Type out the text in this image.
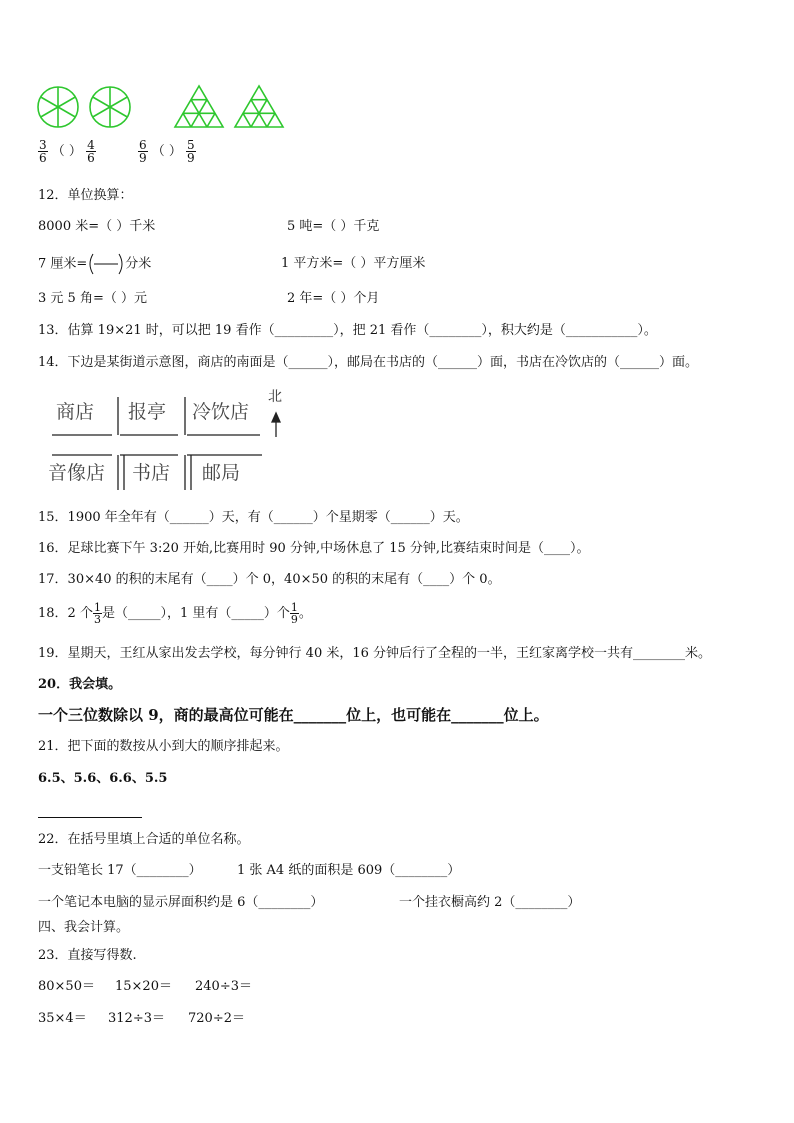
$\frac{3}{6}$ （ ） $\frac{4}{6}$
	$\frac{6}{9}$ （ ） $\frac{5}{9}$
12．单位换算：
8000 米=（ ）千米	5 吨=（ ）千克
7 厘米=	分米	1 平方米=（ ）平方厘米
3 元 5 角=（ ）元	2 年=（ ）个月
13．估算 19×21 时，可以把 19 看作（_________），把 21 看作（________），积大约是（___________）。
14．下边是某街道示意图，商店的南面是（______），邮局在书店的（______）面，书店在冷饮店的（______）面。
商店 报亭 冷饮店
北
音像店 书店 邮局
15．1900 年全年有（______）天，有（______）个星期零（______）天。
16．足球比赛下午 3:20 开始,比赛用时 90 分钟,中场休息了 15 分钟,比赛结束时间是（____）。
17．30×40 的积的末尾有（____）个 0，40×50 的积的末尾有（____）个 0。
18．2 个 $\frac{1}{3}$ 是（_____），1 里有（_____）个 $\frac{1}{9}$ 。
19．星期天，王红从家出发去学校，每分钟行 40 米，16 分钟后行了全程的一半，王红家离学校一共有________米。
20．我会填。
一个三位数除以 9，商的最高位可能在_______位上，也可能在_______位上。
21．把下面的数按从小到大的顺序排起来。
6.5、5.6、6.6、5.5
22．在括号里填上合适的单位名称。
一支铅笔长 17（________）	1 张 A4 纸的面积是 609（________）
一个笔记本电脑的显示屏面积约是 6（________）	一个挂衣橱高约 2（________）
四、我会计算。
23．直接写得数.
80×50＝ 15×20＝ 240÷3＝
35×4＝ 312÷3＝ 720÷2＝
